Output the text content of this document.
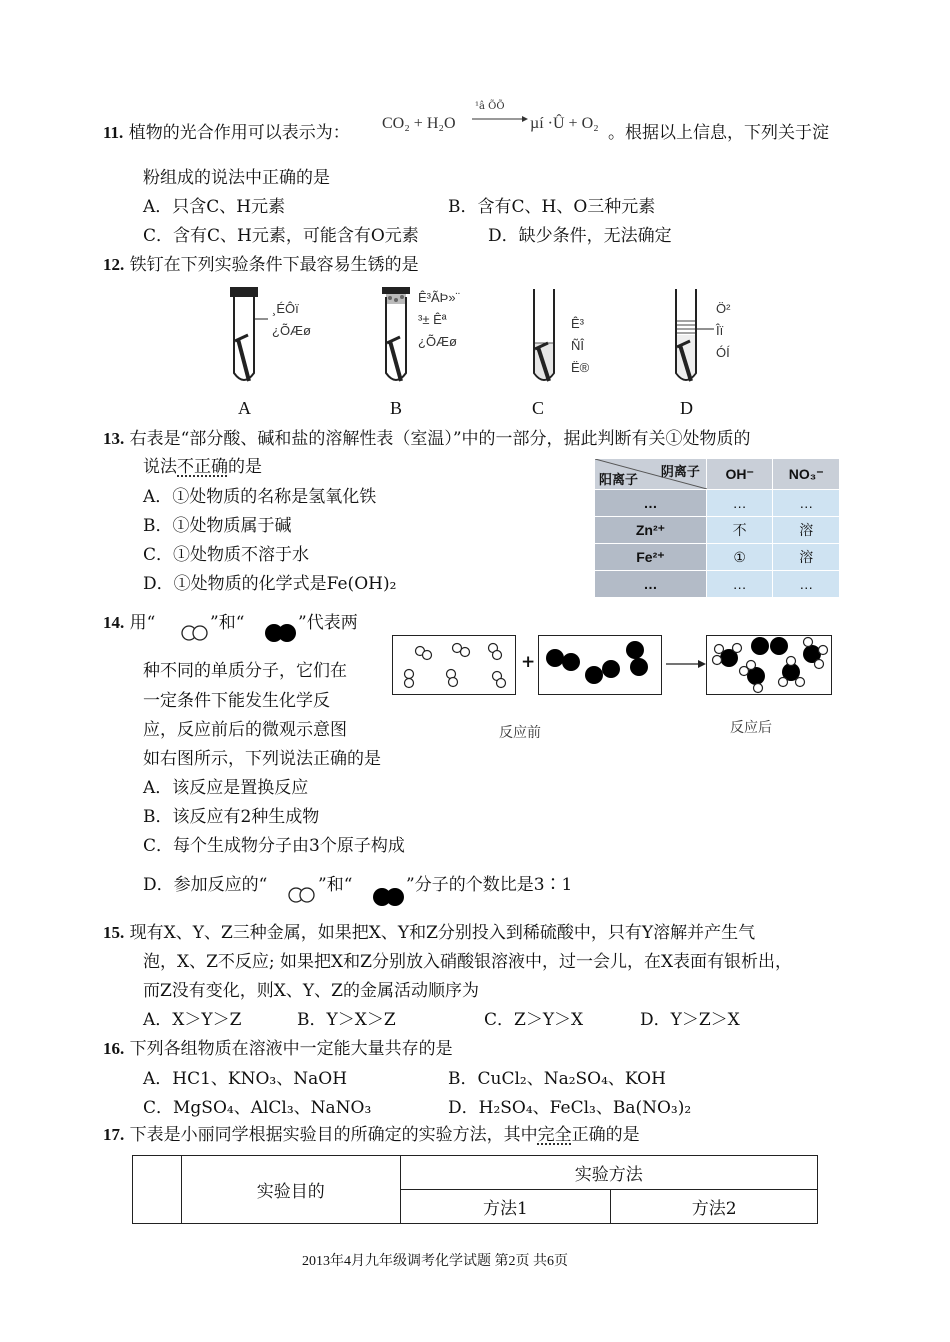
11. 植物的光合作用可以表示为： CO₂ + H₂O
¹â ÕÕ
µí ·Û + O₂ 。根据以上信息，下列关于淀
粉组成的说法中正确的是
A．只含C、H元素	B．含有C、H、O三种元素
C．含有C、H元素，可能含有O元素	D．缺少条件，无法确定
12. 铁钉在下列实验条件下最容易生锈的是
¸ÉÔï
¿ÕÆø
A
Ê³ÃÞ»¨
³± Êª
¿ÕÆø
B
Ê³
ÑÎ
Ë®
C
Ö²
Îï
ÓÍ
D
13. 右表是“部分酸、碱和盐的溶解性表（室温）”中的一部分，据此判断有关①处物质的
说法不正确的是
A．①处物质的名称是氢氧化铁
B．①处物质属于碱
C．①处物质不溶于水
D．①处物质的化学式是Fe(OH)₂
阴离子
阳离子	OH⁻	NO₃⁻
…	…	…
Zn²⁺	不	溶
Fe²⁺	①	溶
…	…	…
14. 用“	”和“	”代表两
种不同的单质分子，它们在
一定条件下能发生化学反
应，反应前后的微观示意图
如右图所示，下列说法正确的是
A．该反应是置换反应
B．该反应有2种生成物
C．每个生成物分子由3个原子构成
D．参加反应的“	”和“	”分子的个数比是3∶1
+
反应前	反应后
15. 现有X、Y、Z三种金属，如果把X、Y和Z分别投入到稀硫酸中，只有Y溶解并产生气
泡，X、Z不反应; 如果把X和Z分别放入硝酸银溶液中，过一会儿，在X表面有银析出，
而Z没有变化，则X、Y、Z的金属活动顺序为
A．X＞Y＞Z	B．Y＞X＞Z	C．Z＞Y＞X	D．Y＞Z＞X
16. 下列各组物质在溶液中一定能大量共存的是
A．HC1、KNO₃、NaOH	B．CuCl₂、Na₂SO₄、KOH
C．MgSO₄、AlCl₃、NaNO₃	D．H₂SO₄、FeCl₃、Ba(NO₃)₂
17. 下表是小丽同学根据实验目的所确定的实验方法，其中完全正确的是
	实验目的	实验方法	
		方法1	方法2
2013年4月九年级调考化学试题 第2页 共6页
